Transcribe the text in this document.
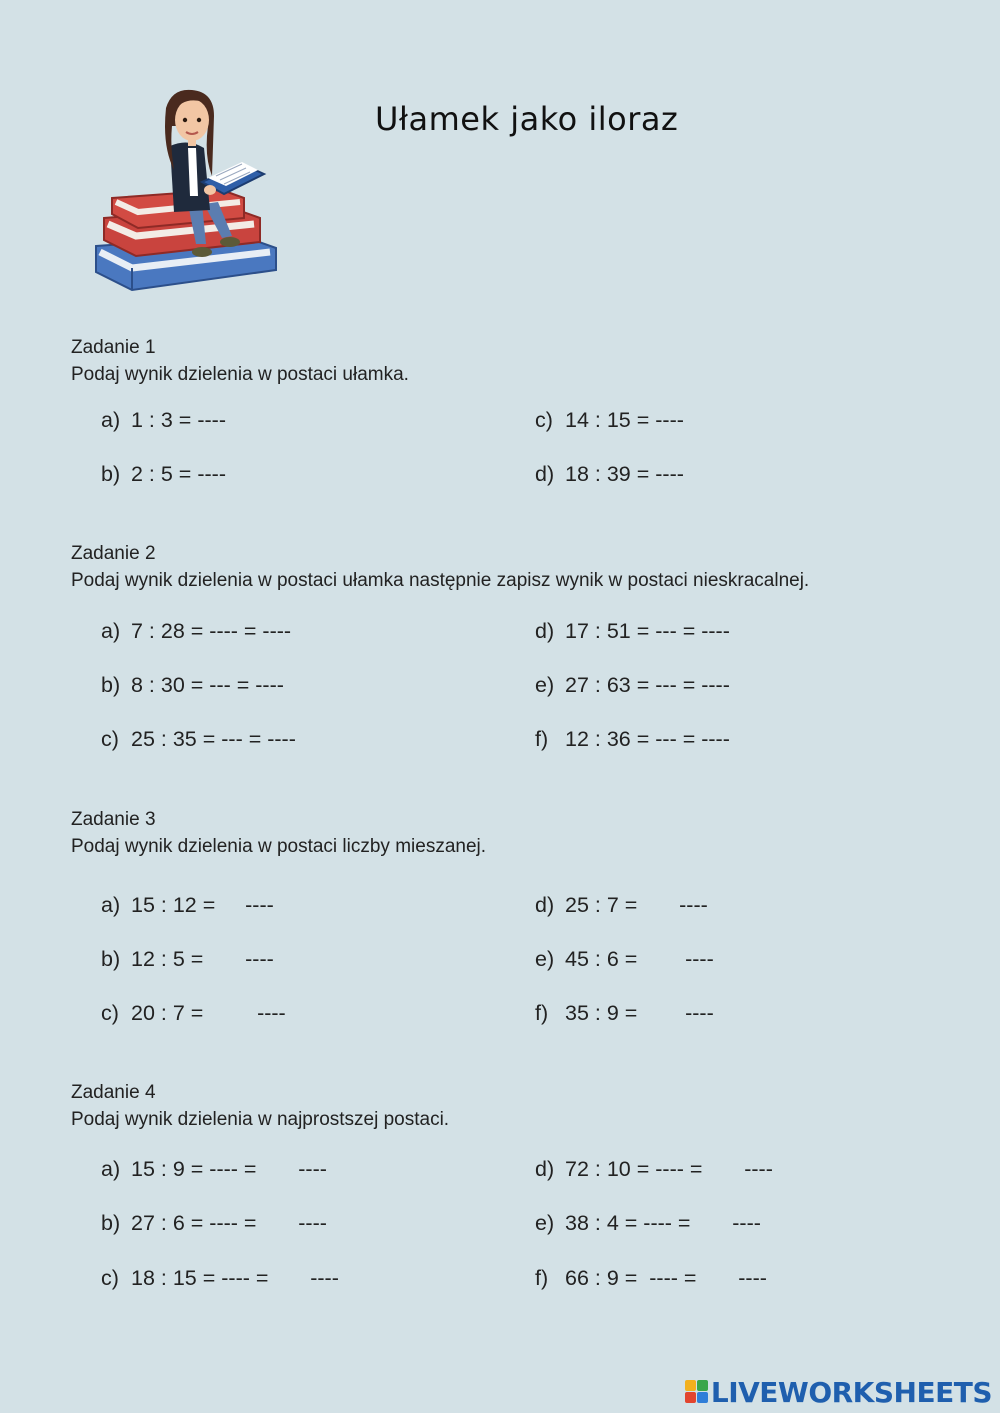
Ułamek jako iloraz
Zadanie 1
Podaj wynik dzielenia w postaci ułamka.
a) 1 : 3 = ----
b) 2 : 5 = ----
c) 14 : 15 = ----
d) 18 : 39 = ----
Zadanie 2
Podaj wynik dzielenia w postaci ułamka następnie zapisz wynik w postaci nieskracalnej.
a) 7 : 28 = ---- = ----
b) 8 : 30 = --- = ----
c) 25 : 35 = --- = ----
d) 17 : 51 = --- = ----
e) 27 : 63 = --- = ----
f) 12 : 36 = --- = ----
Zadanie 3
Podaj wynik dzielenia w postaci liczby mieszanej.
a) 15 : 12 =     ----
b) 12 : 5 =       ----
c) 20 : 7 =         ----
d) 25 : 7 =       ----
e) 45 : 6 =        ----
f) 35 : 9 =        ----
Zadanie 4
Podaj wynik dzielenia w najprostszej postaci.
a) 15 : 9 = ---- =       ----
b) 27 : 6 = ---- =       ----
c) 18 : 15 = ---- =       ----
d) 72 : 10 = ---- =       ----
e) 38 : 4 = ---- =       ----
f) 66 : 9 =  ---- =       ----
LIVEWORKSHEETS
